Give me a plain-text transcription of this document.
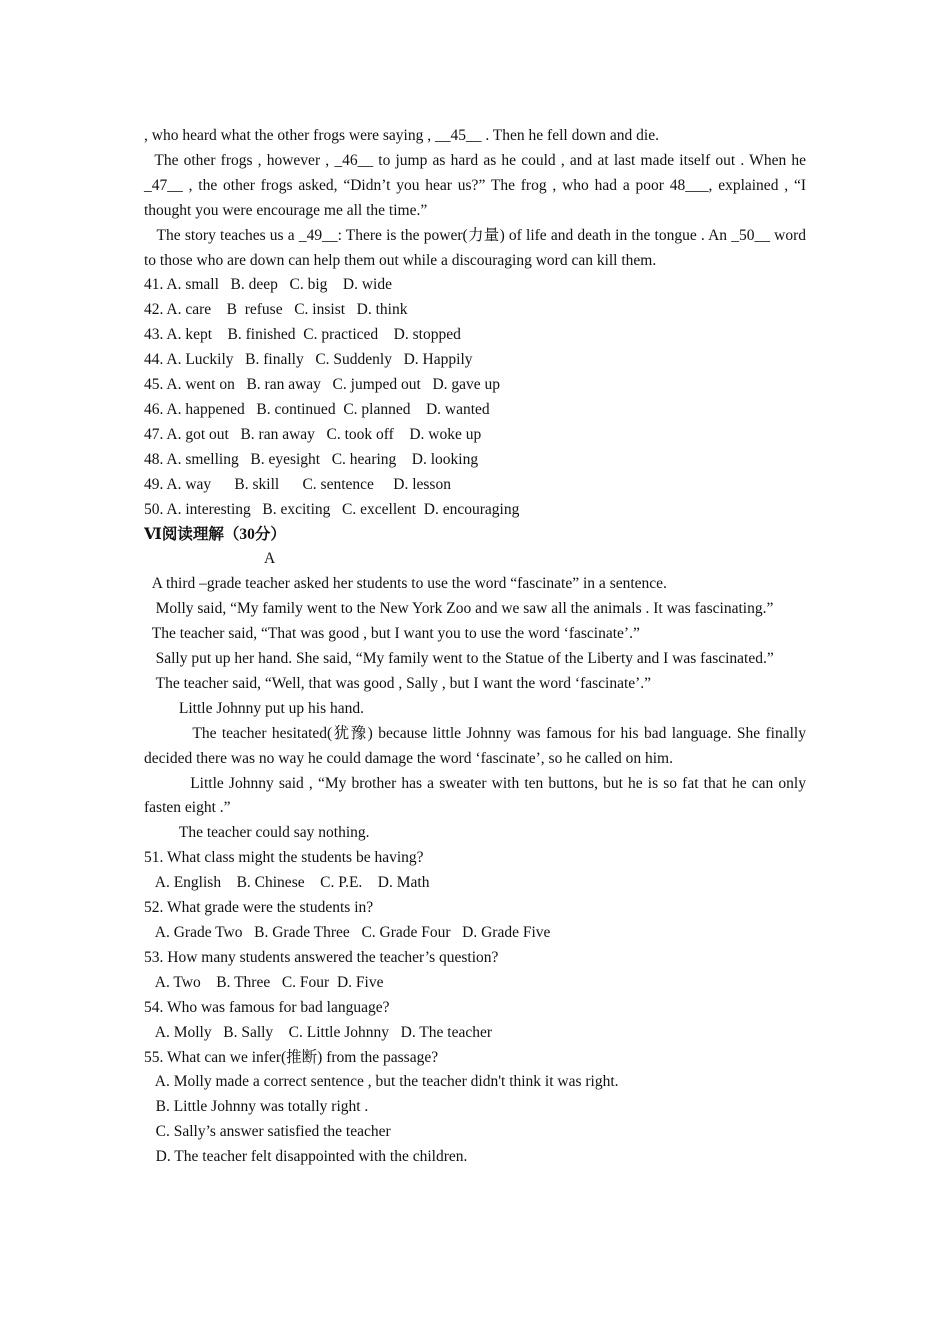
, who heard what the other frogs were saying , __45__ . Then he fell down and die.

The other frogs , however , _46__ to jump as hard as he could , and at last made itself out . When he _47__ , the other frogs asked, “Didn’t you hear us?” The frog , who had a poor 48___, explained , “I thought you were encourage me all the time.”

The story teaches us a _49__: There is the power(力量) of life and death in the tongue . An _50__ word to those who are down can help them out while a discouraging word can kill them.

41. A. small   B. deep   C. big    D. wide

42. A. care    B  refuse   C. insist   D. think

43. A. kept    B. finished  C. practiced    D. stopped

44. A. Luckily   B. finally   C. Suddenly   D. Happily

45. A. went on   B. ran away   C. jumped out   D. gave up

46. A. happened   B. continued  C. planned    D. wanted

47. A. got out   B. ran away   C. took off    D. woke up

48. A. smelling   B. eyesight   C. hearing    D. looking

49. A. way      B. skill      C. sentence     D. lesson

50. A. interesting   B. exciting   C. excellent  D. encouraging

Ⅵ阅读理解（30分）

A

A third –grade teacher asked her students to use the word “fascinate” in a sentence.

Molly said, “My family went to the New York Zoo and we saw all the animals . It was fascinating.”

The teacher said, “That was good , but I want you to use the word ‘fascinate’.”

Sally put up her hand. She said, “My family went to the Statue of the Liberty and I was fascinated.”

The teacher said, “Well, that was good , Sally , but I want the word ‘fascinate’.”

Little Johnny put up his hand.

The teacher hesitated(犹豫) because little Johnny was famous for his bad language. She finally decided there was no way he could damage the word ‘fascinate’, so he called on him.

Little Johnny said , “My brother has a sweater with ten buttons, but he is so fat that he can only fasten eight .”

The teacher could say nothing.

51. What class might the students be having?

A. English    B. Chinese    C. P.E.    D. Math

52. What grade were the students in?

A. Grade Two   B. Grade Three   C. Grade Four   D. Grade Five

53. How many students answered the teacher’s question?

A. Two    B. Three   C. Four  D. Five

54. Who was famous for bad language?

A. Molly   B. Sally    C. Little Johnny   D. The teacher

55. What can we infer(推断) from the passage?

A. Molly made a correct sentence , but the teacher didn't think it was right.

B. Little Johnny was totally right .

C. Sally’s answer satisfied the teacher

D. The teacher felt disappointed with the children.
